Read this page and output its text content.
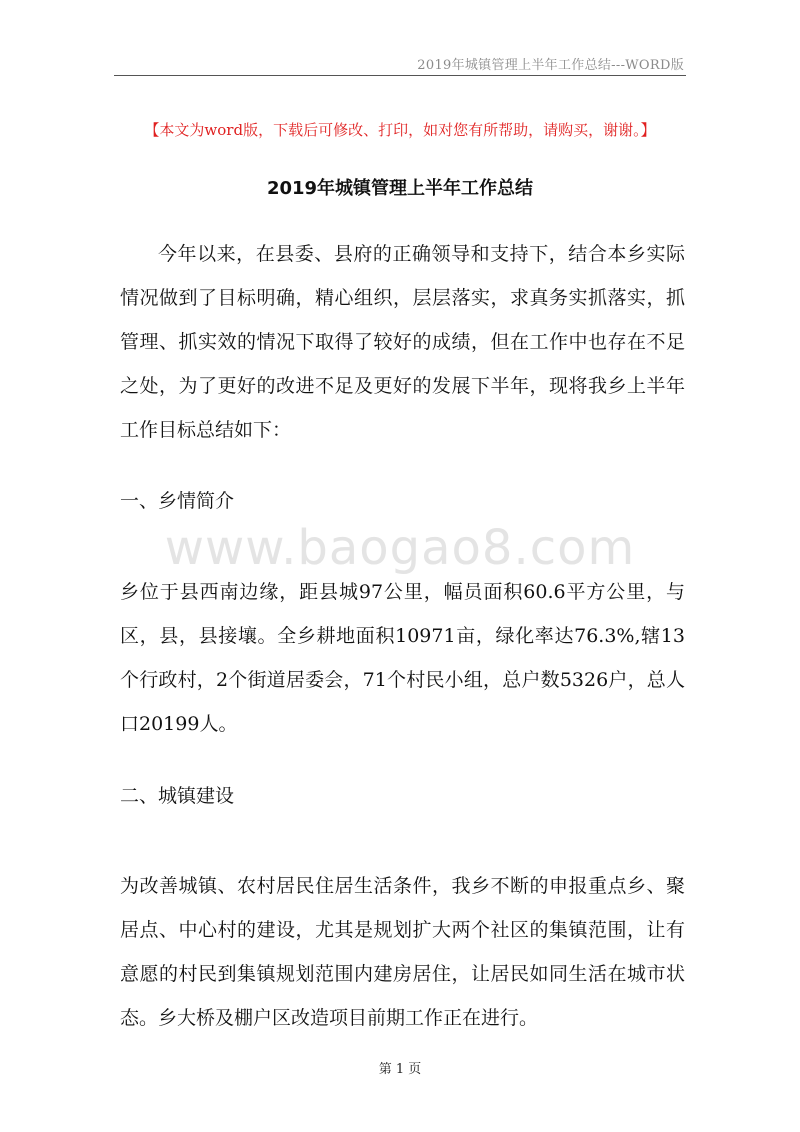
2019年城镇管理上半年工作总结---WORD版
【本文为word版，下载后可修改、打印，如对您有所帮助，请购买，谢谢。】
2019年城镇管理上半年工作总结

今年以来，在县委、县府的正确领导和支持下，结合本乡实际情况做到了目标明确，精心组织，层层落实，求真务实抓落实，抓管理、抓实效的情况下取得了较好的成绩，但在工作中也存在不足之处，为了更好的改进不足及更好的发展下半年，现将我乡上半年工作目标总结如下：

一、乡情简介
www.baogao8.com

乡位于县西南边缘，距县城97公里，幅员面积60.6平方公里，与区，县，县接壤。全乡耕地面积10971亩，绿化率达76.3%,辖13个行政村，2个街道居委会，71个村民小组，总户数5326户，总人口20199人。

二、城镇建设

为改善城镇、农村居民住居生活条件，我乡不断的申报重点乡、聚居点、中心村的建设，尤其是规划扩大两个社区的集镇范围，让有意愿的村民到集镇规划范围内建房居住，让居民如同生活在城市状态。乡大桥及棚户区改造项目前期工作正在进行。

第 1 页
